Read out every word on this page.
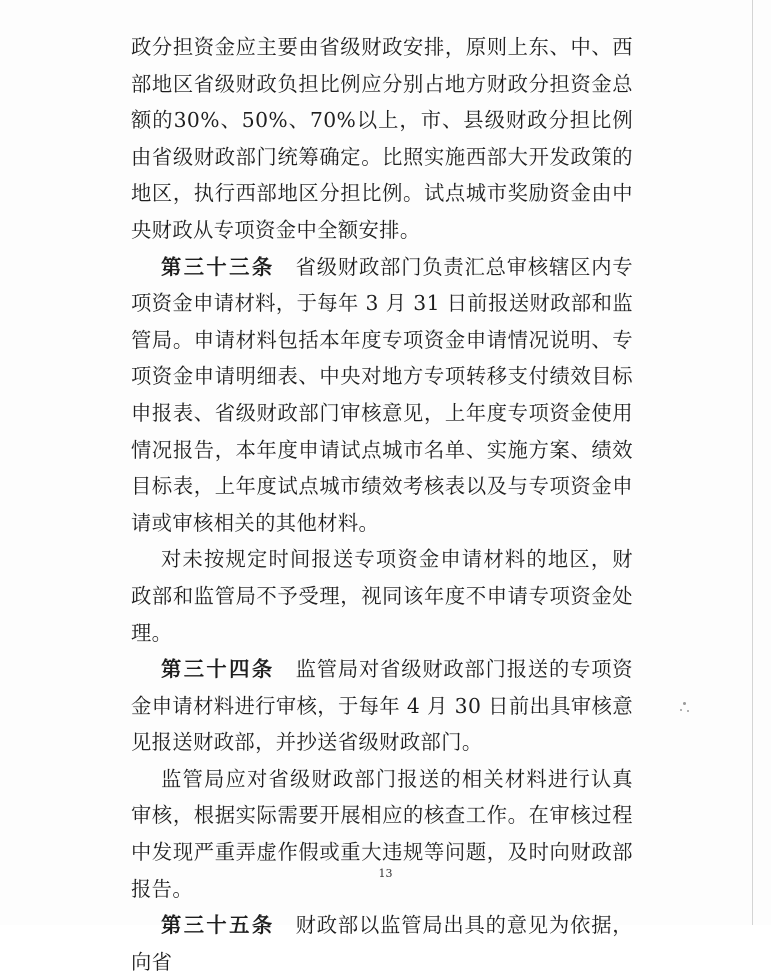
政分担资金应主要由省级财政安排，原则上东、中、西部地区省级财政负担比例应分别占地方财政分担资金总额的30%、50%、70%以上，市、县级财政分担比例由省级财政部门统筹确定。比照实施西部大开发政策的地区，执行西部地区分担比例。试点城市奖励资金由中央财政从专项资金中全额安排。

第三十三条  省级财政部门负责汇总审核辖区内专项资金申请材料，于每年 3 月 31 日前报送财政部和监管局。申请材料包括本年度专项资金申请情况说明、专项资金申请明细表、中央对地方专项转移支付绩效目标申报表、省级财政部门审核意见，上年度专项资金使用情况报告，本年度申请试点城市名单、实施方案、绩效目标表，上年度试点城市绩效考核表以及与专项资金申请或审核相关的其他材料。

对未按规定时间报送专项资金申请材料的地区，财政部和监管局不予受理，视同该年度不申请专项资金处理。

第三十四条  监管局对省级财政部门报送的专项资金申请材料进行审核，于每年 4 月 30 日前出具审核意见报送财政部，并抄送省级财政部门。

监管局应对省级财政部门报送的相关材料进行认真审核，根据实际需要开展相应的核查工作。在审核过程中发现严重弄虚作假或重大违规等问题，及时向财政部报告。

第三十五条  财政部以监管局出具的意见为依据，向省

13
